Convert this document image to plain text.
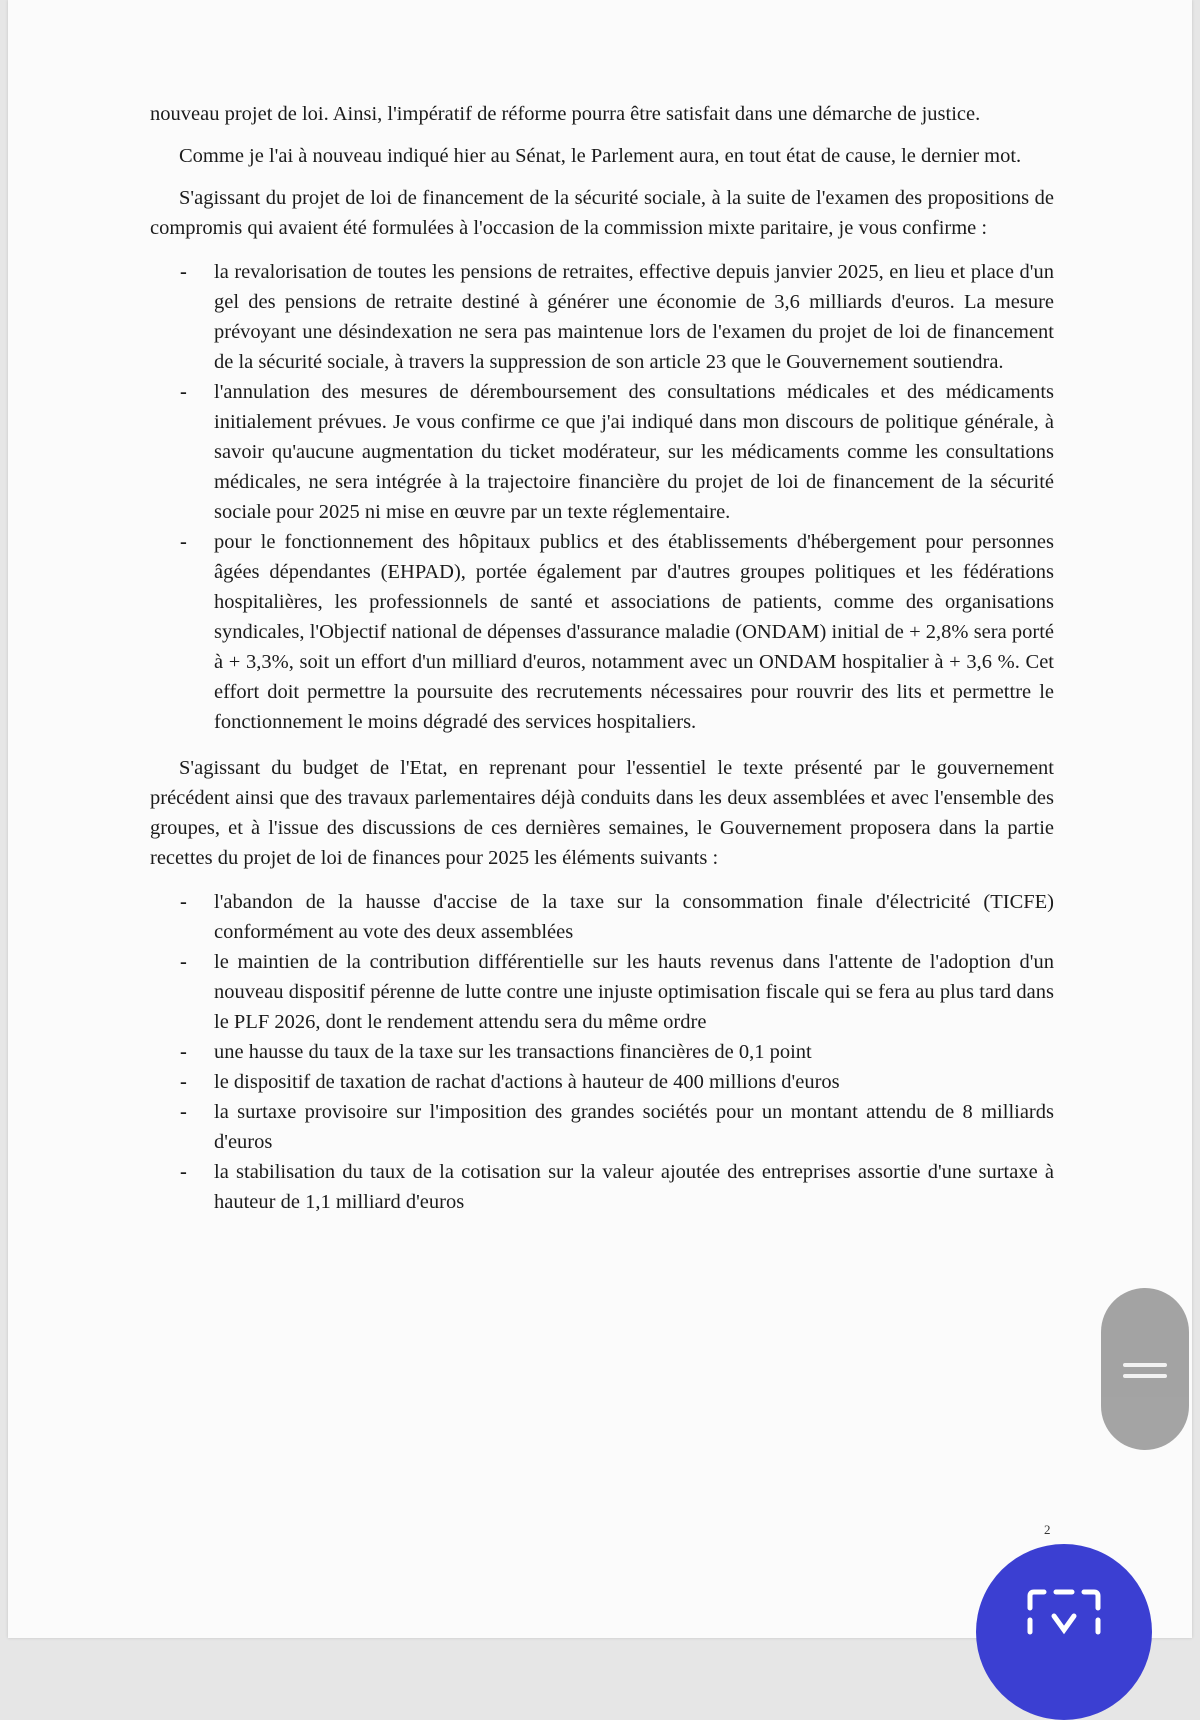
nouveau projet de loi. Ainsi, l'impératif de réforme pourra être satisfait dans une démarche de justice.

Comme je l'ai à nouveau indiqué hier au Sénat, le Parlement aura, en tout état de cause, le dernier mot.

S'agissant du projet de loi de financement de la sécurité sociale, à la suite de l'examen des propositions de compromis qui avaient été formulées à l'occasion de la commission mixte paritaire, je vous confirme :

- la revalorisation de toutes les pensions de retraites, effective depuis janvier 2025, en lieu et place d'un gel des pensions de retraite destiné à générer une économie de 3,6 milliards d'euros. La mesure prévoyant une désindexation ne sera pas maintenue lors de l'examen du projet de loi de financement de la sécurité sociale, à travers la suppression de son article 23 que le Gouvernement soutiendra.
- l'annulation des mesures de déremboursement des consultations médicales et des médicaments initialement prévues. Je vous confirme ce que j'ai indiqué dans mon discours de politique générale, à savoir qu'aucune augmentation du ticket modérateur, sur les médicaments comme les consultations médicales, ne sera intégrée à la trajectoire financière du projet de loi de financement de la sécurité sociale pour 2025 ni mise en œuvre par un texte réglementaire.
- pour le fonctionnement des hôpitaux publics et des établissements d'hébergement pour personnes âgées dépendantes (EHPAD), portée également par d'autres groupes politiques et les fédérations hospitalières, les professionnels de santé et associations de patients, comme des organisations syndicales, l'Objectif national de dépenses d'assurance maladie (ONDAM) initial de + 2,8% sera porté à + 3,3%, soit un effort d'un milliard d'euros, notamment avec un ONDAM hospitalier à + 3,6 %. Cet effort doit permettre la poursuite des recrutements nécessaires pour rouvrir des lits et permettre le fonctionnement le moins dégradé des services hospitaliers.

S'agissant du budget de l'Etat, en reprenant pour l'essentiel le texte présenté par le gouvernement précédent ainsi que des travaux parlementaires déjà conduits dans les deux assemblées et avec l'ensemble des groupes, et à l'issue des discussions de ces dernières semaines, le Gouvernement proposera dans la partie recettes du projet de loi de finances pour 2025 les éléments suivants :

- l'abandon de la hausse d'accise de la taxe sur la consommation finale d'électricité (TICFE) conformément au vote des deux assemblées
- le maintien de la contribution différentielle sur les hauts revenus dans l'attente de l'adoption d'un nouveau dispositif pérenne de lutte contre une injuste optimisation fiscale qui se fera au plus tard dans le PLF 2026, dont le rendement attendu sera du même ordre
- une hausse du taux de la taxe sur les transactions financières de 0,1 point
- le dispositif de taxation de rachat d'actions à hauteur de 400 millions d'euros
- la surtaxe provisoire sur l'imposition des grandes sociétés pour un montant attendu de 8 milliards d'euros
- la stabilisation du taux de la cotisation sur la valeur ajoutée des entreprises assortie d'une surtaxe à hauteur de 1,1 milliard d'euros
2
